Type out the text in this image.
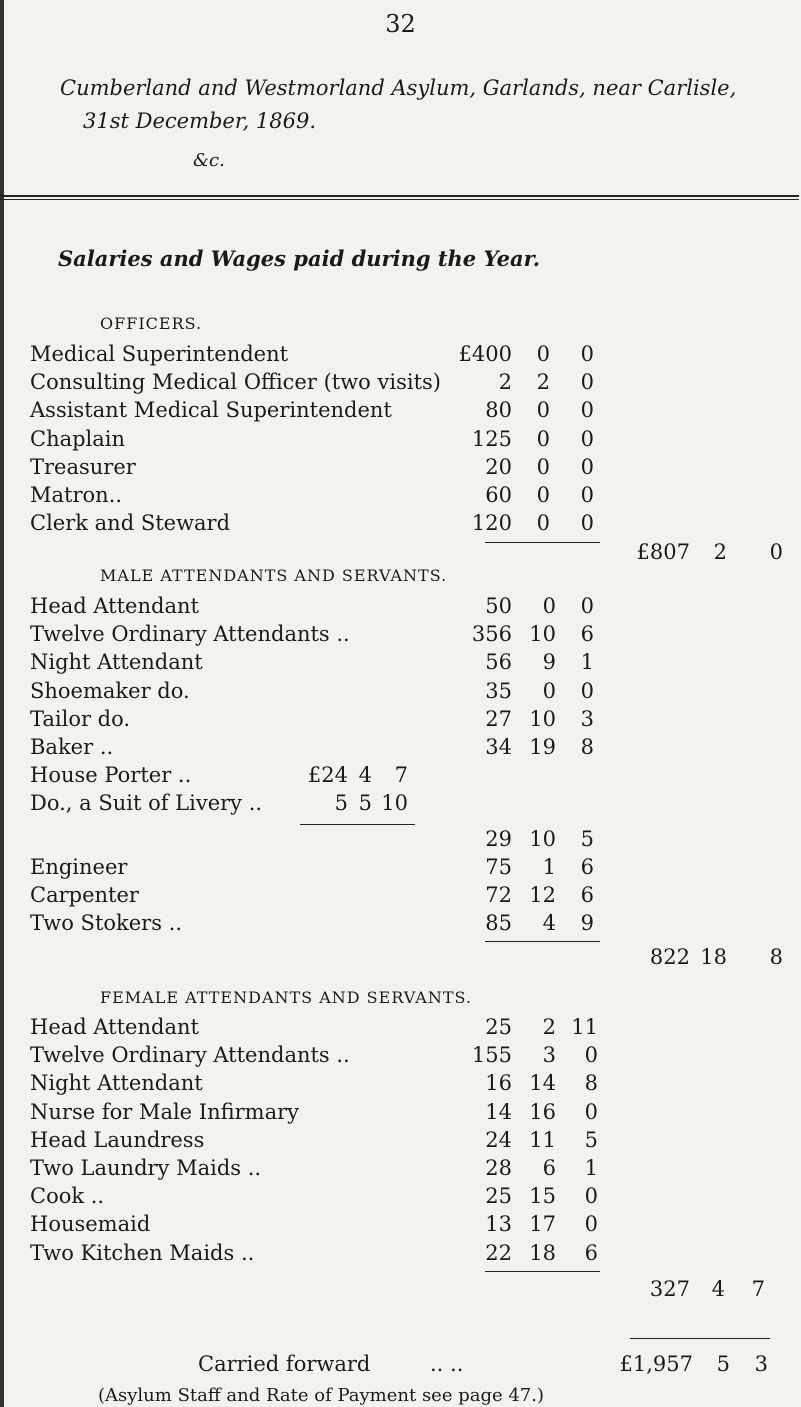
32
Cumberland and Westmorland Asylum, Garlands, near Carlisle,
31st December, 1869.
&c.
Salaries and Wages paid during the Year.
OFFICERS.
Medical Superintendent	£400	0	0
Consulting Medical Officer (two visits)	2	2	0
Assistant Medical Superintendent	80	0	0
Chaplain	125	0	0
Treasurer	20	0	0
Matron..	60	0	0
Clerk and Steward	120	0	0
£807	2	0
MALE ATTENDANTS AND SERVANTS.
Head Attendant	50	0	0
Twelve Ordinary Attendants ..	356 10	6
Night Attendant	56	9	1
Shoemaker do.	35	0	0
Tailor do.	27 10	3
Baker ..	34 19	8
House Porter ..	£24 4	7
Do., a Suit of Livery ..	5 5 10
29 10	5
Engineer	75	1	6
Carpenter	72 12	6
Two Stokers ..	85	4	9
822 18	8
FEMALE ATTENDANTS AND SERVANTS.
Head Attendant	25	2 11
Twelve Ordinary Attendants ..	155	3	0
Night Attendant	16 14	8
Nurse for Male Infirmary	14 16	0
Head Laundress	24 11	5
Two Laundry Maids ..	28	6	1
Cook ..	25 15	0
Housemaid	13 17	0
Two Kitchen Maids ..	22 18	6
327	4	7
Carried forward	.. ..	£1,957	5	3
(Asylum Staff and Rate of Payment see page 47.)
